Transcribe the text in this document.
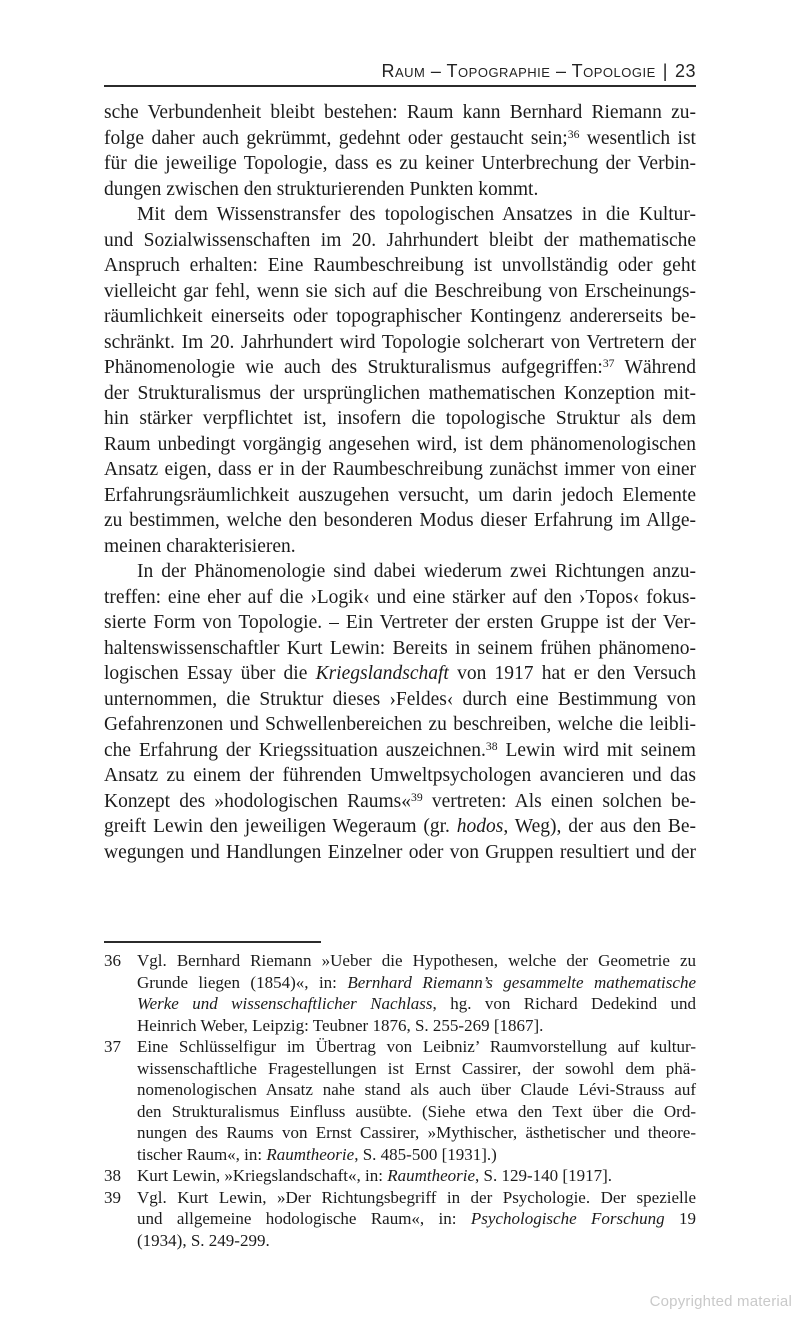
Raum – Topographie – Topologie | 23
sche Verbundenheit bleibt bestehen: Raum kann Bernhard Riemann zu-
folge daher auch gekrümmt, gedehnt oder gestaucht sein;$^{36}$ wesentlich ist
für die jeweilige Topologie, dass es zu keiner Unterbrechung der Verbin-
dungen zwischen den strukturierenden Punkten kommt.
Mit dem Wissenstransfer des topologischen Ansatzes in die Kultur-
und Sozialwissenschaften im 20. Jahrhundert bleibt der mathematische
Anspruch erhalten: Eine Raumbeschreibung ist unvollständig oder geht
vielleicht gar fehl, wenn sie sich auf die Beschreibung von Erscheinungs-
räumlichkeit einerseits oder topographischer Kontingenz andererseits be-
schränkt. Im 20. Jahrhundert wird Topologie solcherart von Vertretern der
Phänomenologie wie auch des Strukturalismus aufgegriffen:$^{37}$ Während
der Strukturalismus der ursprünglichen mathematischen Konzeption mit-
hin stärker verpflichtet ist, insofern die topologische Struktur als dem
Raum unbedingt vorgängig angesehen wird, ist dem phänomenologischen
Ansatz eigen, dass er in der Raumbeschreibung zunächst immer von einer
Erfahrungsräumlichkeit auszugehen versucht, um darin jedoch Elemente
zu bestimmen, welche den besonderen Modus dieser Erfahrung im Allge-
meinen charakterisieren.
In der Phänomenologie sind dabei wiederum zwei Richtungen anzu-
treffen: eine eher auf die ›Logik‹ und eine stärker auf den ›Topos‹ fokus-
sierte Form von Topologie. – Ein Vertreter der ersten Gruppe ist der Ver-
haltenswissenschaftler Kurt Lewin: Bereits in seinem frühen phänomeno-
logischen Essay über die Kriegslandschaft von 1917 hat er den Versuch
unternommen, die Struktur dieses ›Feldes‹ durch eine Bestimmung von
Gefahrenzonen und Schwellenbereichen zu beschreiben, welche die leibli-
che Erfahrung der Kriegssituation auszeichnen.$^{38}$ Lewin wird mit seinem
Ansatz zu einem der führenden Umweltpsychologen avancieren und das
Konzept des »hodologischen Raums«$^{39}$ vertreten: Als einen solchen be-
greift Lewin den jeweiligen Wegeraum (gr. hodos, Weg), der aus den Be-
wegungen und Handlungen Einzelner oder von Gruppen resultiert und der
36 Vgl. Bernhard Riemann »Ueber die Hypothesen, welche der Geometrie zu
Grunde liegen (1854)«, in: Bernhard Riemann’s gesammelte mathematische
Werke und wissenschaftlicher Nachlass, hg. von Richard Dedekind und
Heinrich Weber, Leipzig: Teubner 1876, S. 255-269 [1867].
37 Eine Schlüsselfigur im Übertrag von Leibniz’ Raumvorstellung auf kultur-
wissenschaftliche Fragestellungen ist Ernst Cassirer, der sowohl dem phä-
nomenologischen Ansatz nahe stand als auch über Claude Lévi-Strauss auf
den Strukturalismus Einfluss ausübte. (Siehe etwa den Text über die Ord-
nungen des Raums von Ernst Cassirer, »Mythischer, ästhetischer und theore-
tischer Raum«, in: Raumtheorie, S. 485-500 [1931].)
38 Kurt Lewin, »Kriegslandschaft«, in: Raumtheorie, S. 129-140 [1917].
39 Vgl. Kurt Lewin, »Der Richtungsbegriff in der Psychologie. Der spezielle
und allgemeine hodologische Raum«, in: Psychologische Forschung 19
(1934), S. 249-299.
Copyrighted material
